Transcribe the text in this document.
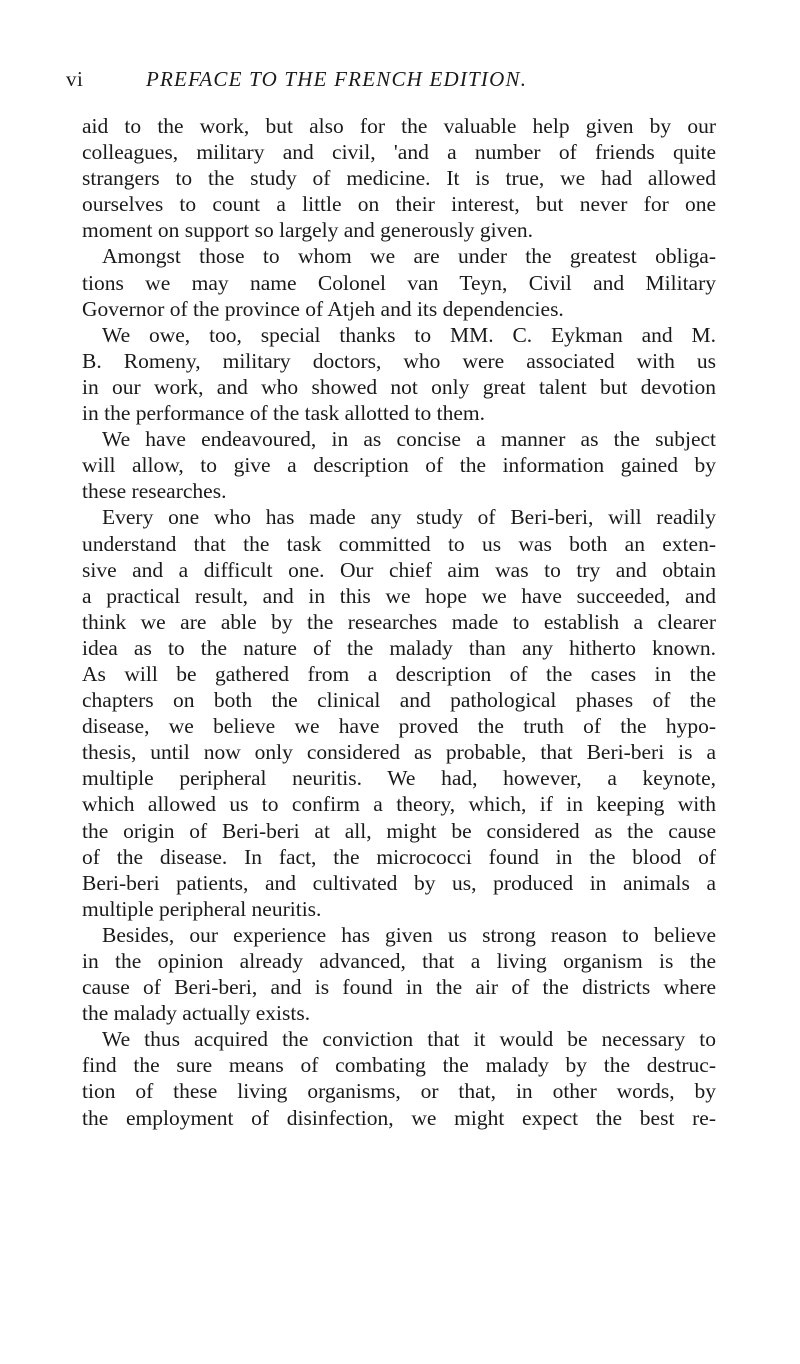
vi	PREFACE TO THE FRENCH EDITION.
aid to the work, but also for the valuable help given by our
colleagues, military and civil, 'and a number of friends quite
strangers to the study of medicine. It is true, we had allowed
ourselves to count a little on their interest, but never for one
moment on support so largely and generously given.
Amongst those to whom we are under the greatest obliga-
tions we may name Colonel van Teyn, Civil and Military
Governor of the province of Atjeh and its dependencies.
We owe, too, special thanks to MM. C. Eykman and M.
B. Romeny, military doctors, who were associated with us
in our work, and who showed not only great talent but devotion
in the performance of the task allotted to them.
We have endeavoured, in as concise a manner as the subject
will allow, to give a description of the information gained by
these researches.
Every one who has made any study of Beri-beri, will readily
understand that the task committed to us was both an exten-
sive and a difficult one. Our chief aim was to try and obtain
a practical result, and in this we hope we have succeeded, and
think we are able by the researches made to establish a clearer
idea as to the nature of the malady than any hitherto known.
As will be gathered from a description of the cases in the
chapters on both the clinical and pathological phases of the
disease, we believe we have proved the truth of the hypo-
thesis, until now only considered as probable, that Beri-beri is a
multiple peripheral neuritis. We had, however, a keynote,
which allowed us to confirm a theory, which, if in keeping with
the origin of Beri-beri at all, might be considered as the cause
of the disease. In fact, the micrococci found in the blood of
Beri-beri patients, and cultivated by us, produced in animals a
multiple peripheral neuritis.
Besides, our experience has given us strong reason to believe
in the opinion already advanced, that a living organism is the
cause of Beri-beri, and is found in the air of the districts where
the malady actually exists.
We thus acquired the conviction that it would be necessary to
find the sure means of combating the malady by the destruc-
tion of these living organisms, or that, in other words, by
the employment of disinfection, we might expect the best re-
